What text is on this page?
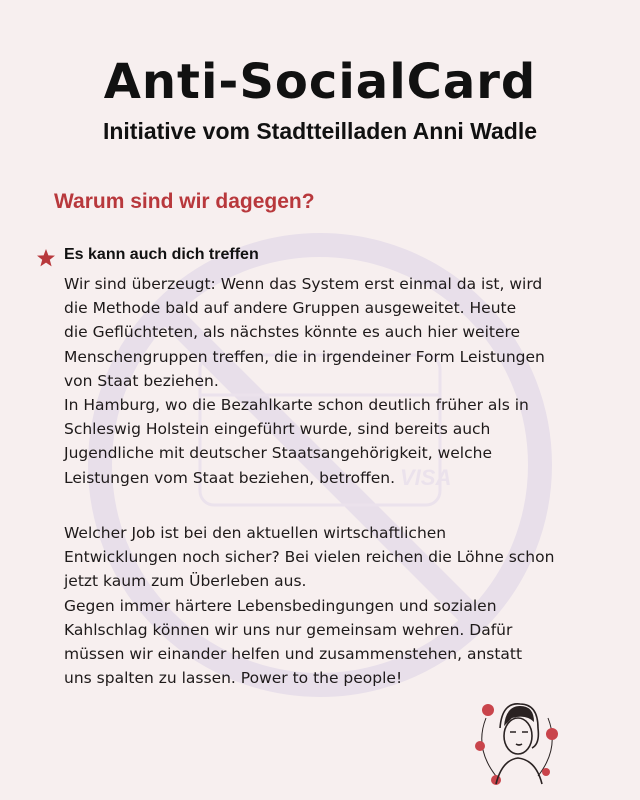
VISA
Anti-SocialCard
Initiative vom Stadtteilladen Anni Wadle
Warum sind wir dagegen?
Es kann auch dich treffen
Wir sind überzeugt: Wenn das System erst einmal da ist, wird
die Methode bald auf andere Gruppen ausgeweitet. Heute
die Geflüchteten, als nächstes könnte es auch hier weitere
Menschengruppen treffen, die in irgendeiner Form Leistungen
von Staat beziehen.
In Hamburg, wo die Bezahlkarte schon deutlich früher als in
Schleswig Holstein eingeführt wurde, sind bereits auch
Jugendliche mit deutscher Staatsangehörigkeit, welche
Leistungen vom Staat beziehen, betroffen.
Welcher Job ist bei den aktuellen wirtschaftlichen
Entwicklungen noch sicher? Bei vielen reichen die Löhne schon
jetzt kaum zum Überleben aus.
Gegen immer härtere Lebensbedingungen und sozialen
Kahlschlag können wir uns nur gemeinsam wehren. Dafür
müssen wir einander helfen und zusammenstehen, anstatt
uns spalten zu lassen. Power to the people!
